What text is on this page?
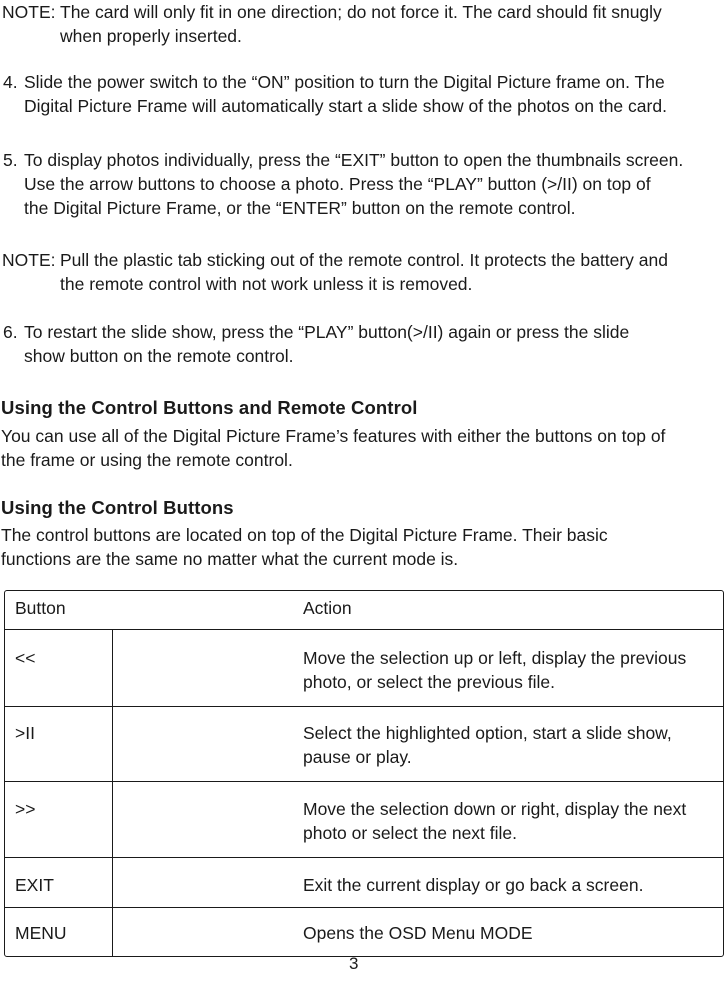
NOTE: The card will only fit in one direction; do not force it. The card should fit snugly
when properly inserted.
4. Slide the power switch to the “ON” position to turn the Digital Picture frame on. The
Digital Picture Frame will automatically start a slide show of the photos on the card.
5. To display photos individually, press the “EXIT” button to open the thumbnails screen.
Use the arrow buttons to choose a photo. Press the “PLAY” button (>/II) on top of
the Digital Picture Frame, or the “ENTER” button on the remote control.
NOTE: Pull the plastic tab sticking out of the remote control. It protects the battery and
the remote control with not work unless it is removed.
6. To restart the slide show, press the “PLAY” button(>/II) again or press the slide
show button on the remote control.
Using the Control Buttons and Remote Control
You can use all of the Digital Picture Frame’s features with either the buttons on top of
the frame or using the remote control.
Using the Control Buttons
The control buttons are located on top of the Digital Picture Frame. Their basic
functions are the same no matter what the current mode is.
Button	Action
<<	Move the selection up or left, display the previous
photo, or select the previous file.
>II	Select the highlighted option, start a slide show,
pause or play.
>>	Move the selection down or right, display the next
photo or select the next file.
EXIT	Exit the current display or go back a screen.
MENU	Opens the OSD Menu MODE
3
